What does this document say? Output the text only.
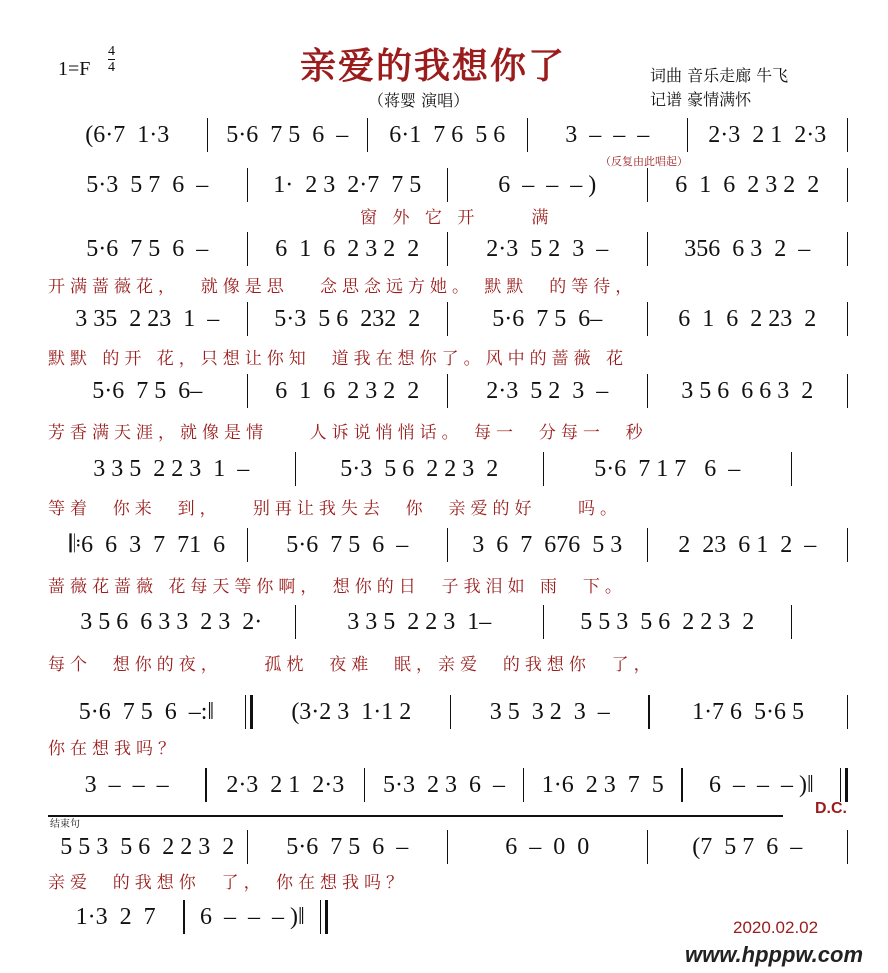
1=F
4
4	亲爱的我想你了
（蒋婴 演唱）
词曲 音乐走廊 牛飞
记谱 豪情满怀
（反复由此唱起）
(6·7  1·3	5·6  7 5  6  –	6·1  7 6  5 6	3  –  –  –	2·3  2 1  2·3
5·3  5 7  6  –	1·  2 3  2·7  7 5	6  –  –  – )	6  1  6  2 3 2  2
窗 外 它 开     满
5·6  7 5  6  –	6  1  6  2 3 2  2	2·3  5 2  3  –	356  6 3  2  –
开满蔷薇花，  就像是思   念思念远方她。 默默  的等待，
3 35  2 23  1  –	5·3  5 6  232  2	5·6  7 5  6–	6  1  6  2 23  2
默默 的开 花，只想让你知  道我在想你了。风中的蔷薇 花
5·6  7 5  6–	6  1  6  2 3 2  2	2·3  5 2  3  –	3 5 6  6 6 3  2
芳香满天涯，就像是情    人诉说悄悄话。 每一  分每一  秒
3 3 5  2 2 3  1  –	5·3  5 6  2 2 3  2	5·6  7 1 7   6  –
等着  你来  到，   别再让我失去  你  亲爱的好    吗。
𝄆6  6  3  7  71  6	5·6  7 5  6  –	3  6  7  676  5 3	2  23  6 1  2  –
蔷薇花蔷薇 花每天等你啊， 想你的日  子我泪如 雨  下。
3 5 6  6 3 3  2 3  2·	3 3 5  2 2 3  1–	5 5 3  5 6  2 2 3  2
每个  想你的夜，    孤枕  夜难  眠，亲爱  的我想你  了，
5·6  7 5  6  –:‖	(3·2 3  1·1 2	3 5  3 2  3  –	1·7 6  5·6 5
你在想我吗？
3  –  –  –	2·3  2 1  2·3	5·3  2 3  6  –	1·6  2 3  7  5	6  –  –  – )‖
5 5 3  5 6  2 2 3  2	5·6  7 5  6  –	6  –  0  0	(7  5 7  6  –
亲爱  的我想你  了， 你在想我吗？
1·3  2  7	6  –  –  – )‖
D.C.
结束句
2020.02.02
www.hpppw.com
